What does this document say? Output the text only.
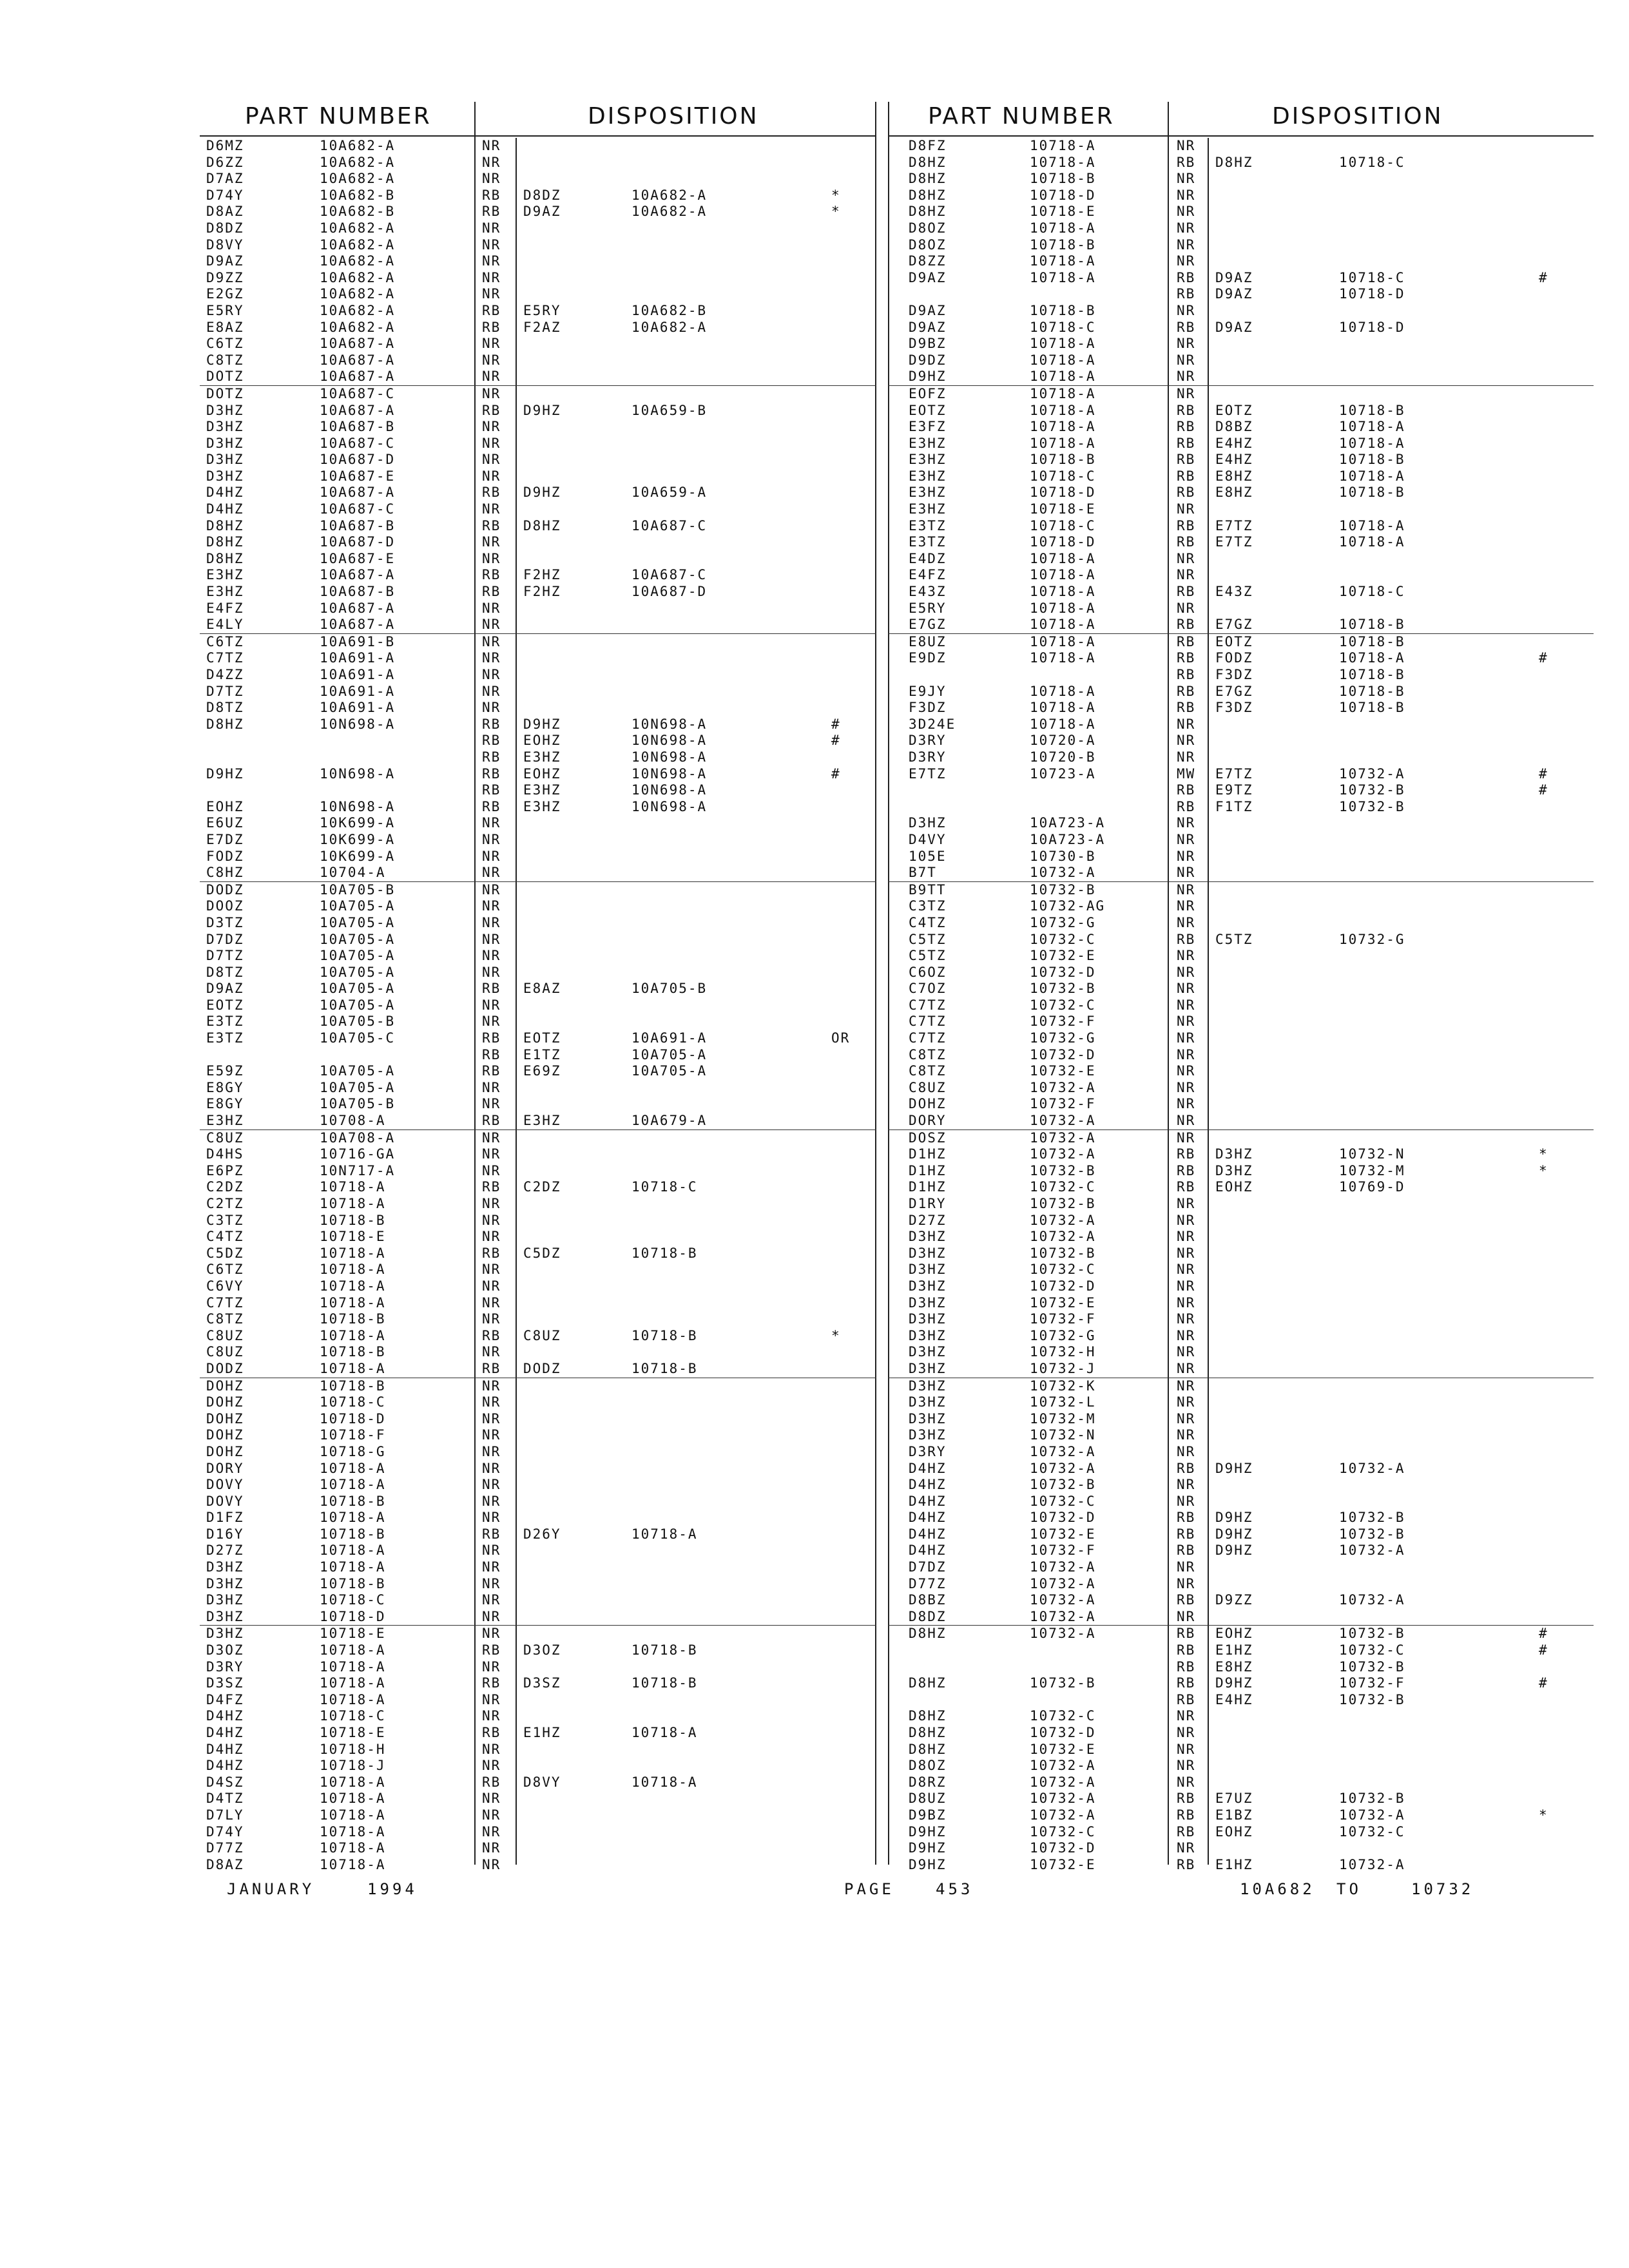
PART NUMBER	DISPOSITION
D6MZ	10A682-A	NR
D6ZZ	10A682-A	NR
D7AZ	10A682-A	NR
D74Y	10A682-B	RB D8DZ	10A682-A	*
D8AZ	10A682-B	RB D9AZ	10A682-A	*
D8DZ	10A682-A	NR
D8VY	10A682-A	NR
D9AZ	10A682-A	NR
D9ZZ	10A682-A	NR
E2GZ	10A682-A	NR
E5RY	10A682-A	RB E5RY	10A682-B
E8AZ	10A682-A	RB F2AZ	10A682-A
C6TZ	10A687-A	NR
C8TZ	10A687-A	NR
DOTZ	10A687-A	NR
DOTZ	10A687-C	NR
D3HZ	10A687-A	RB D9HZ	10A659-B
D3HZ	10A687-B	NR
D3HZ	10A687-C	NR
D3HZ	10A687-D	NR
D3HZ	10A687-E	NR
D4HZ	10A687-A	RB D9HZ	10A659-A
D4HZ	10A687-C	NR
D8HZ	10A687-B	RB D8HZ	10A687-C
D8HZ	10A687-D	NR
D8HZ	10A687-E	NR
E3HZ	10A687-A	RB F2HZ	10A687-C
E3HZ	10A687-B	RB F2HZ	10A687-D
E4FZ	10A687-A	NR
E4LY	10A687-A	NR
C6TZ	10A691-B	NR
C7TZ	10A691-A	NR
D4ZZ	10A691-A	NR
D7TZ	10A691-A	NR
D8TZ	10A691-A	NR
D8HZ	10N698-A	RB D9HZ	10N698-A	#
RB EOHZ	10N698-A	#
RB E3HZ	10N698-A
D9HZ	10N698-A	RB EOHZ	10N698-A	#
RB E3HZ	10N698-A
EOHZ	10N698-A	RB E3HZ	10N698-A
E6UZ	10K699-A	NR
E7DZ	10K699-A	NR
FODZ	10K699-A	NR
C8HZ	10704-A	NR
DODZ	10A705-B	NR
DOOZ	10A705-A	NR
D3TZ	10A705-A	NR
D7DZ	10A705-A	NR
D7TZ	10A705-A	NR
D8TZ	10A705-A	NR
D9AZ	10A705-A	RB E8AZ	10A705-B
EOTZ	10A705-A	NR
E3TZ	10A705-B	NR
E3TZ	10A705-C	RB EOTZ	10A691-A	OR
RB E1TZ	10A705-A
E59Z	10A705-A	RB E69Z	10A705-A
E8GY	10A705-A	NR
E8GY	10A705-B	NR
E3HZ	10708-A	RB E3HZ	10A679-A
C8UZ	10A708-A	NR
D4HS	10716-GA	NR
E6PZ	10N717-A	NR
C2DZ	10718-A	RB C2DZ	10718-C
C2TZ	10718-A	NR
C3TZ	10718-B	NR
C4TZ	10718-E	NR
C5DZ	10718-A	RB C5DZ	10718-B
C6TZ	10718-A	NR
C6VY	10718-A	NR
C7TZ	10718-A	NR
C8TZ	10718-B	NR
C8UZ	10718-A	RB C8UZ	10718-B	*
C8UZ	10718-B	NR
DODZ	10718-A	RB DODZ	10718-B
DOHZ	10718-B	NR
DOHZ	10718-C	NR
DOHZ	10718-D	NR
DOHZ	10718-F	NR
DOHZ	10718-G	NR
DORY	10718-A	NR
DOVY	10718-A	NR
DOVY	10718-B	NR
D1FZ	10718-A	NR
D16Y	10718-B	RB D26Y	10718-A
D27Z	10718-A	NR
D3HZ	10718-A	NR
D3HZ	10718-B	NR
D3HZ	10718-C	NR
D3HZ	10718-D	NR
D3HZ	10718-E	NR
D3OZ	10718-A	RB D3OZ	10718-B
D3RY	10718-A	NR
D3SZ	10718-A	RB D3SZ	10718-B
D4FZ	10718-A	NR
D4HZ	10718-C	NR
D4HZ	10718-E	RB E1HZ	10718-A
D4HZ	10718-H	NR
D4HZ	10718-J	NR
D4SZ	10718-A	RB D8VY	10718-A
D4TZ	10718-A	NR
D7LY	10718-A	NR
D74Y	10718-A	NR
D77Z	10718-A	NR
D8AZ	10718-A	NR
PART NUMBER	DISPOSITION
D8FZ	10718-A	NR
D8HZ	10718-A	RB D8HZ	10718-C
D8HZ	10718-B	NR
D8HZ	10718-D	NR
D8HZ	10718-E	NR
D8OZ	10718-A	NR
D8OZ	10718-B	NR
D8ZZ	10718-A	NR
D9AZ	10718-A	RB D9AZ	10718-C	#
RB D9AZ	10718-D
D9AZ	10718-B	NR
D9AZ	10718-C	RB D9AZ	10718-D
D9BZ	10718-A	NR
D9DZ	10718-A	NR
D9HZ	10718-A	NR
EOFZ	10718-A	NR
EOTZ	10718-A	RB EOTZ	10718-B
E3FZ	10718-A	RB D8BZ	10718-A
E3HZ	10718-A	RB E4HZ	10718-A
E3HZ	10718-B	RB E4HZ	10718-B
E3HZ	10718-C	RB E8HZ	10718-A
E3HZ	10718-D	RB E8HZ	10718-B
E3HZ	10718-E	NR
E3TZ	10718-C	RB E7TZ	10718-A
E3TZ	10718-D	RB E7TZ	10718-A
E4DZ	10718-A	NR
E4FZ	10718-A	NR
E43Z	10718-A	RB E43Z	10718-C
E5RY	10718-A	NR
E7GZ	10718-A	RB E7GZ	10718-B
E8UZ	10718-A	RB EOTZ	10718-B
E9DZ	10718-A	RB FODZ	10718-A	#
RB F3DZ	10718-B
E9JY	10718-A	RB E7GZ	10718-B
F3DZ	10718-A	RB F3DZ	10718-B
3D24E	10718-A	NR
D3RY	10720-A	NR
D3RY	10720-B	NR
E7TZ	10723-A	MW E7TZ	10732-A	#
RB E9TZ	10732-B	#
RB F1TZ	10732-B
D3HZ	10A723-A	NR
D4VY	10A723-A	NR
105E	10730-B	NR
B7T	10732-A	NR
B9TT	10732-B	NR
C3TZ	10732-AG	NR
C4TZ	10732-G	NR
C5TZ	10732-C	RB C5TZ	10732-G
C5TZ	10732-E	NR
C6OZ	10732-D	NR
C7OZ	10732-B	NR
C7TZ	10732-C	NR
C7TZ	10732-F	NR
C7TZ	10732-G	NR
C8TZ	10732-D	NR
C8TZ	10732-E	NR
C8UZ	10732-A	NR
DOHZ	10732-F	NR
DORY	10732-A	NR
DOSZ	10732-A	NR
D1HZ	10732-A	RB D3HZ	10732-N	*
D1HZ	10732-B	RB D3HZ	10732-M	*
D1HZ	10732-C	RB EOHZ	10769-D
D1RY	10732-B	NR
D27Z	10732-A	NR
D3HZ	10732-A	NR
D3HZ	10732-B	NR
D3HZ	10732-C	NR
D3HZ	10732-D	NR
D3HZ	10732-E	NR
D3HZ	10732-F	NR
D3HZ	10732-G	NR
D3HZ	10732-H	NR
D3HZ	10732-J	NR
D3HZ	10732-K	NR
D3HZ	10732-L	NR
D3HZ	10732-M	NR
D3HZ	10732-N	NR
D3RY	10732-A	NR
D4HZ	10732-A	RB D9HZ	10732-A
D4HZ	10732-B	NR
D4HZ	10732-C	NR
D4HZ	10732-D	RB D9HZ	10732-B
D4HZ	10732-E	RB D9HZ	10732-B
D4HZ	10732-F	RB D9HZ	10732-A
D7DZ	10732-A	NR
D77Z	10732-A	NR
D8BZ	10732-A	RB D9ZZ	10732-A
D8DZ	10732-A	NR
D8HZ	10732-A	RB EOHZ	10732-B	#
RB E1HZ	10732-C	#
RB E8HZ	10732-B
D8HZ	10732-B	RB D9HZ	10732-F	#
RB E4HZ	10732-B
D8HZ	10732-C	NR
D8HZ	10732-D	NR
D8HZ	10732-E	NR
D8OZ	10732-A	NR
D8RZ	10732-A	NR
D8UZ	10732-A	RB E7UZ	10732-B
D9BZ	10732-A	RB E1BZ	10732-A	*
D9HZ	10732-C	RB EOHZ	10732-C
D9HZ	10732-D	NR
D9HZ	10732-E	RB E1HZ	10732-A
JANUARY	1994	PAGE	453	10A682 TO	10732
